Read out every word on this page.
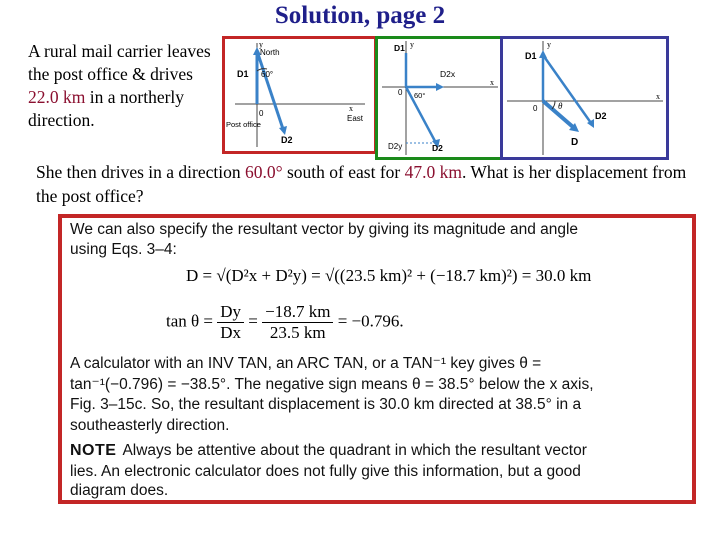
Solution, page 2
A rural mail carrier leaves the post office & drives 22.0 km in a northerly direction.
y
North
D1 60°
x
East
0
Post office
D2
D1 y
D2x
0 60°
x
D2y	D2
y
D1
0 θ
D2
D
x
She then drives in a direction 60.0° south of east for 47.0 km. What is her displacement from the post office?
We can also specify the resultant vector by giving its magnitude and angle
using Eqs. 3–4:
D = √(D²x + D²y) = √((23.5 km)² + (−18.7 km)²) = 30.0 km
$\tan \theta = \frac{Dy}{Dx} = \frac{-18.7 km}{23.5 km} = -0.796$.
A calculator with an INV TAN, an ARC TAN, or a TAN⁻¹ key gives θ =
tan⁻¹(−0.796) = −38.5°. The negative sign means θ = 38.5° below the x axis,
Fig. 3–15c. So, the resultant displacement is 30.0 km directed at 38.5° in a
southeasterly direction.
NOTE Always be attentive about the quadrant in which the resultant vector
lies. An electronic calculator does not fully give this information, but a good
diagram does.
